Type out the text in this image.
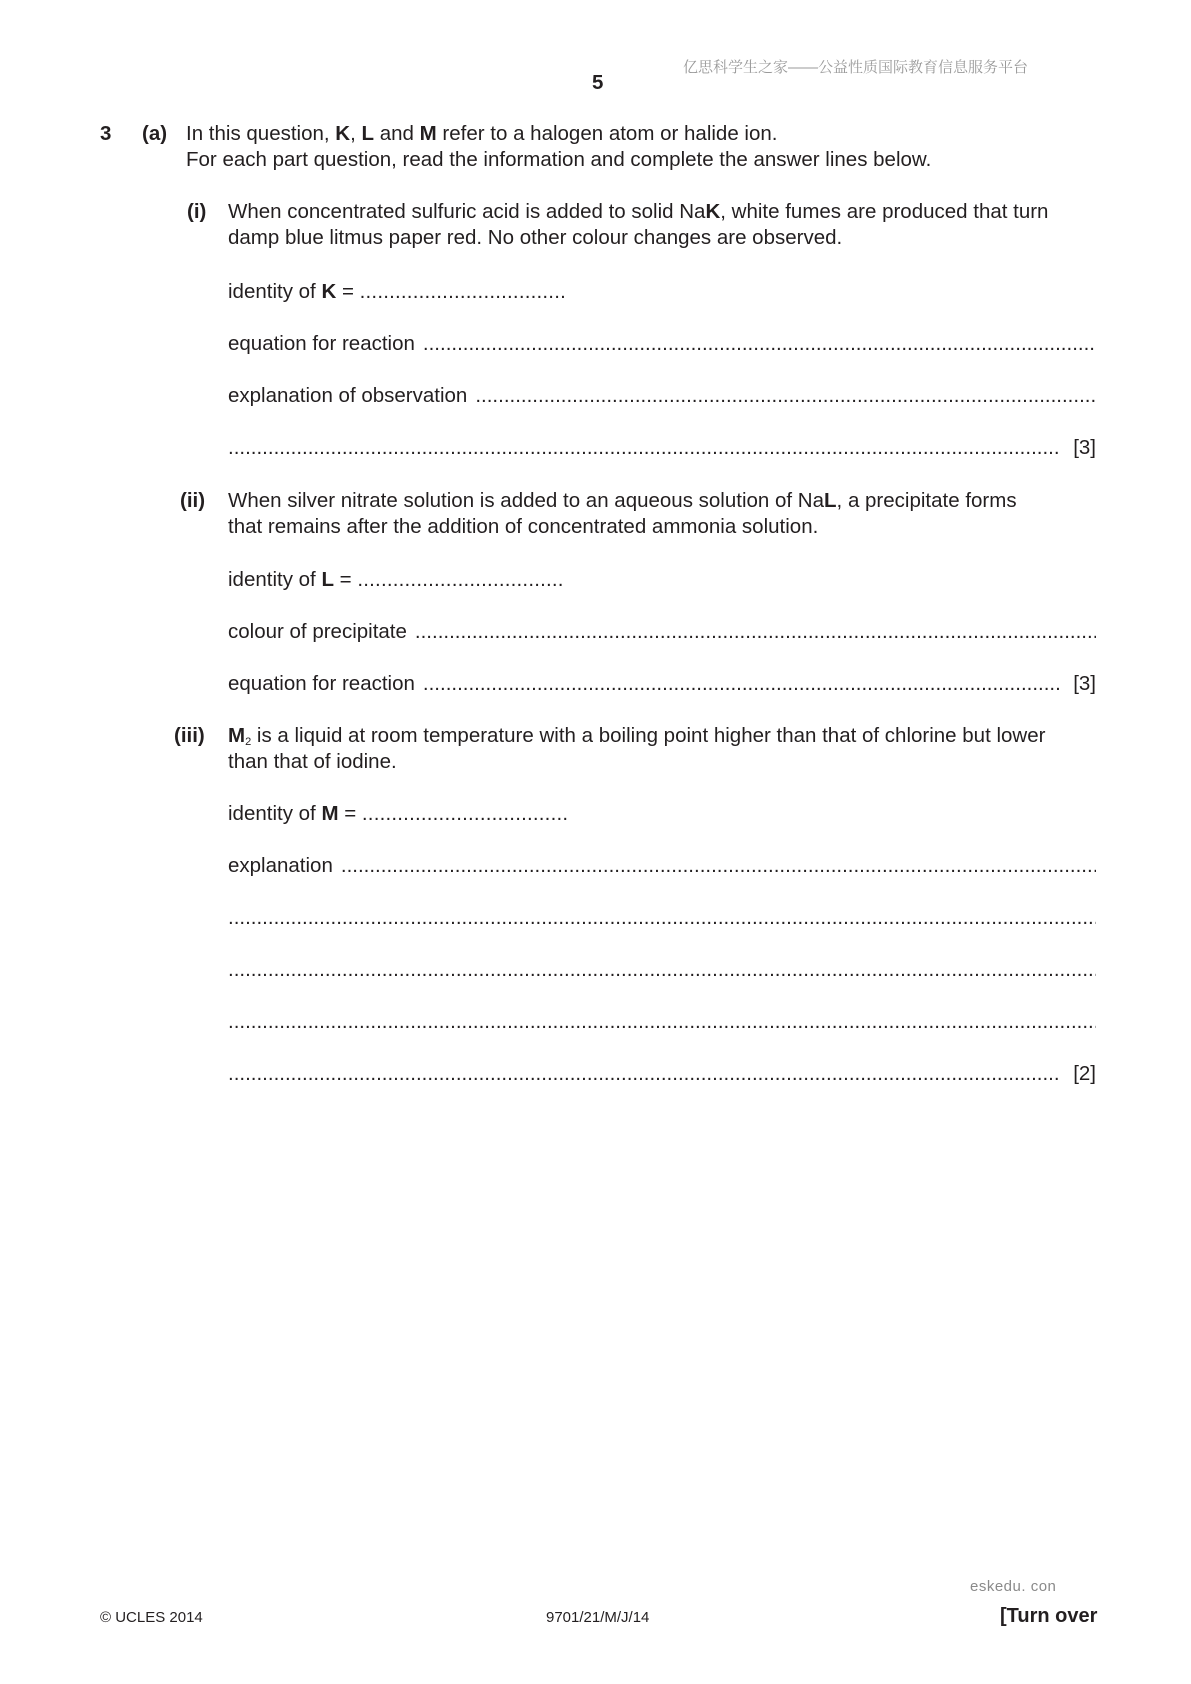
亿思科学生之家——公益性质国际教育信息服务平台
5
3 (a) In this question, K, L and M refer to a halogen atom or halide ion.
For each part question, read the information and complete the answer lines below.
(i) When concentrated sulfuric acid is added to solid NaK, white fumes are produced that turn
damp blue litmus paper red. No other colour changes are observed.
identity of K = .....
equation for reaction
.....
explanation of observation
.....
.....
[3]
(ii) When silver nitrate solution is added to an aqueous solution of NaL, a precipitate forms
that remains after the addition of concentrated ammonia solution.
identity of L = .....
colour of precipitate
.....
equation for reaction
.....	[3]
(iii) $M_2$ is a liquid at room temperature with a boiling point higher than that of chlorine but lower
than that of iodine.
identity of M = .....
explanation
.....
.....
.....
.....
.....
[2]
eskedu. con
© UCLES 2014	9701/21/M/J/14	[Turn over
